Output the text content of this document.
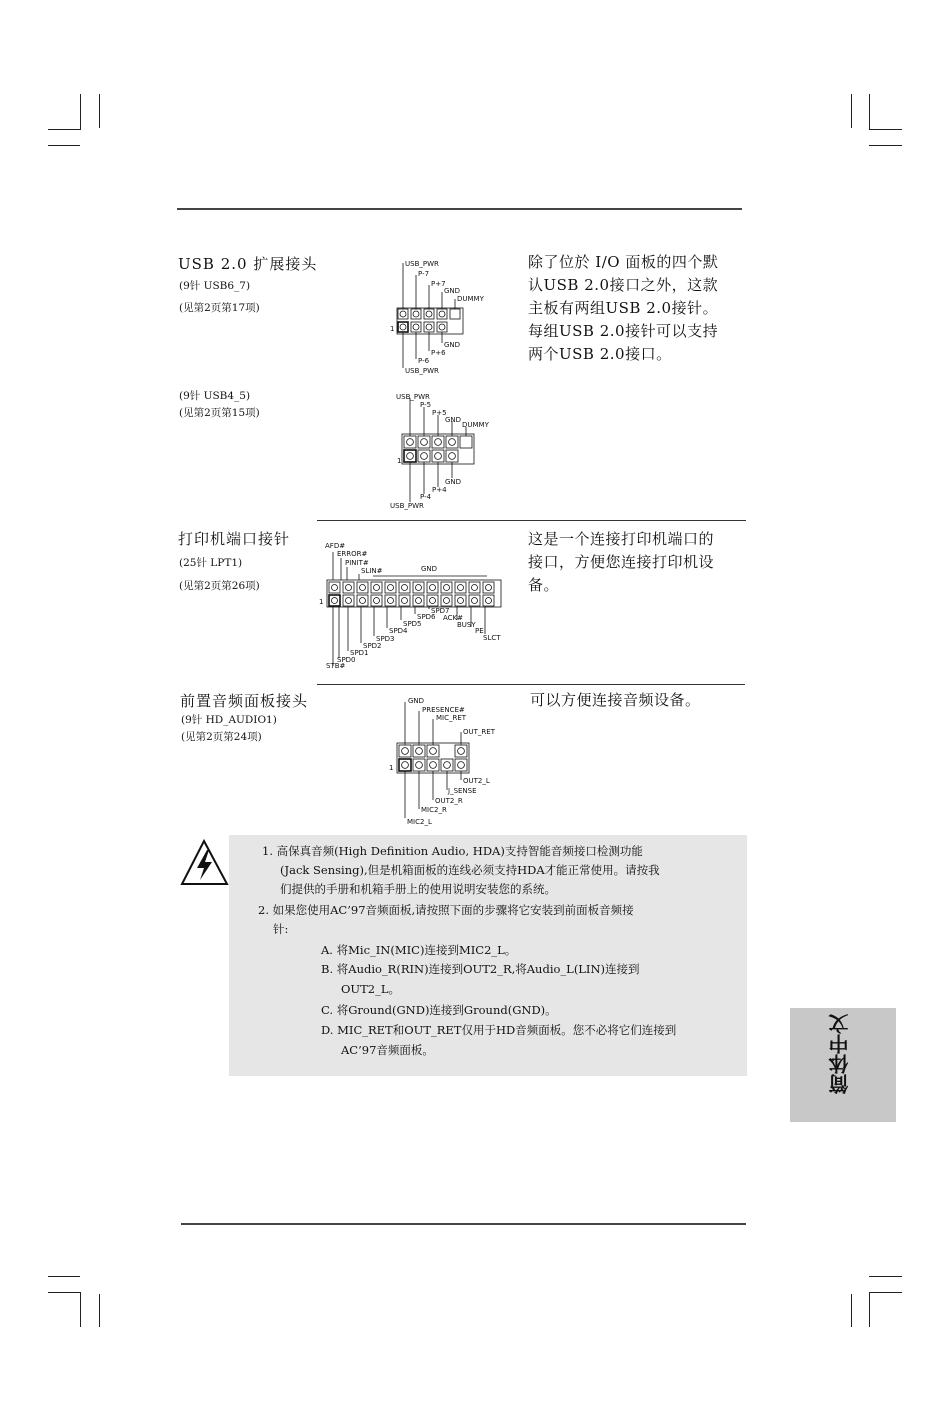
USB 2.0 扩展接头
(9针 USB6_7)
(见第2页第17项)
(9针 USB4_5)
(见第2页第15项)
除了位於 I/O 面板的四个默
认USB 2.0接口之外，这款
主板有两组USB 2.0接针。
每组USB 2.0接针可以支持
两个USB 2.0接口。
USB_PWR
P-7
P+7
GND
DUMMY
1
GND
P+6
P-6
USB_PWR
USB_PWR
P-5
P+5
GND
DUMMY
1
GND
P+4
P-4
USB_PWR
打印机端口接针
(25针 LPT1)
(见第2页第26项)
这是一个连接打印机端口的
接口，方便您连接打印机设
备。
AFD#
ERROR#
PINIT#
SLIN#	GND
1
SPD7
SPD6 ACK#
SPD5	BUSY
SPD4	PE
SPD3	SLCT
SPD2
SPD1
SPD0
STB#
前置音频面板接头
(9针 HD_AUDIO1)
(见第2页第24项)
可以方便连接音频设备。
GND
PRESENCE#
MIC_RET
OUT_RET
1
OUT2_L
J_SENSE
OUT2_R
MIC2_R
MIC2_L
1. 高保真音频(High Definition Audio, HDA)支持智能音频接口检测功能
(Jack Sensing),但是机箱面板的连线必须支持HDA才能正常使用。请按我
们提供的手册和机箱手册上的使用说明安装您的系统。
2. 如果您使用AC’97音频面板,请按照下面的步骤将它安装到前面板音频接
针:
A. 将Mic_IN(MIC)连接到MIC2_L。
B. 将Audio_R(RIN)连接到OUT2_R,将Audio_L(LIN)连接到
OUT2_L。
C. 将Ground(GND)连接到Ground(GND)。
D. MIC_RET和OUT_RET仅用于HD音频面板。您不必将它们连接到
AC’97音频面板。	简体中文
